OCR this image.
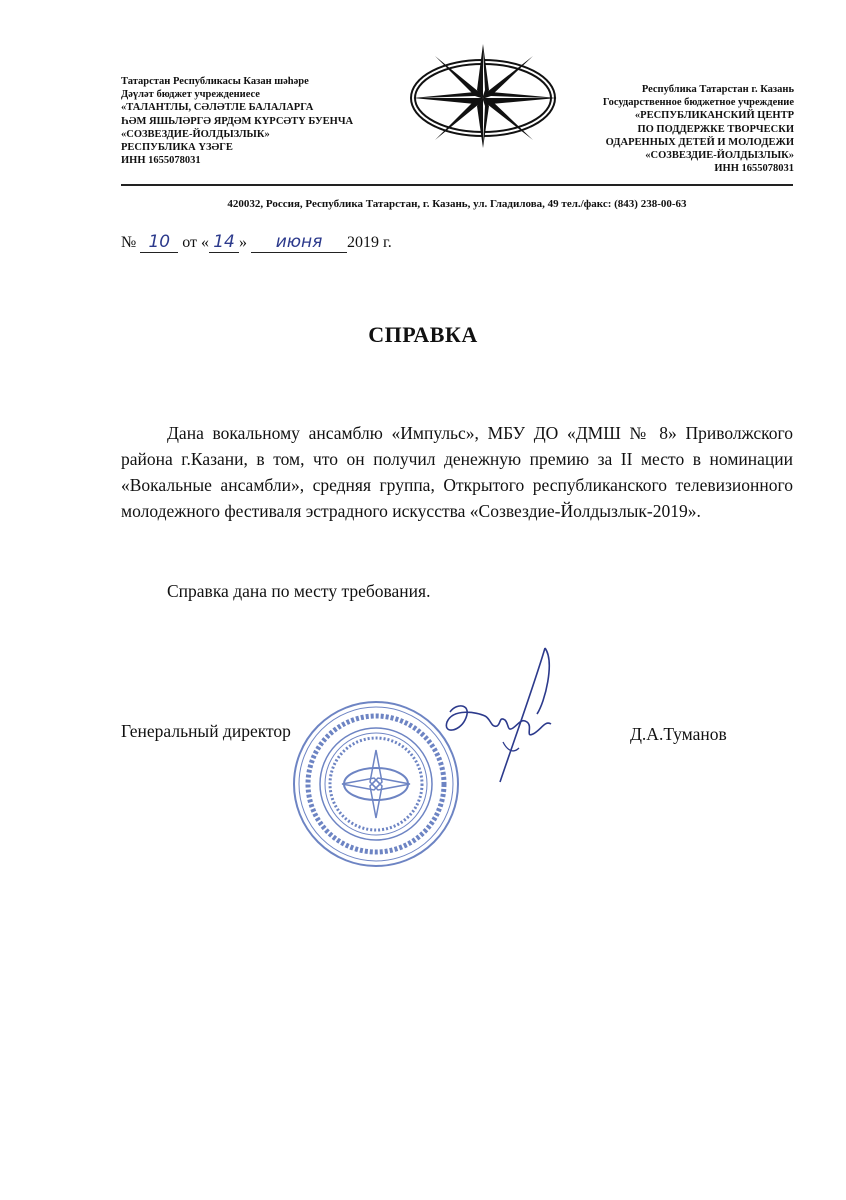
Татарстан Республикасы Казан шәһәре
Дәүләт бюджет учреждениесе
«ТАЛАНТЛЫ, СӘЛӘТЛЕ БАЛАЛАРГА
ҺӘМ ЯШЬЛӘРГӘ ЯРДӘМ КҮРСӘТҮ БУЕНЧА
«СОЗВЕЗДИЕ-ЙОЛДЫЗЛЫК»
РЕСПУБЛИКА ҮЗӘГЕ
ИНН 1655078031
Республика Татарстан г. Казань
Государственное бюджетное учреждение
«РЕСПУБЛИКАНСКИЙ ЦЕНТР
ПО ПОДДЕРЖКЕ ТВОРЧЕСКИ
ОДАРЕННЫХ ДЕТЕЙ И МОЛОДЕЖИ
«СОЗВЕЗДИЕ-ЙОЛДЫЗЛЫК»
ИНН 1655078031
420032, Россия, Республика Татарстан, г. Казань, ул. Гладилова, 49 тел./факс: (843) 238-00-63
№ 10 от « 14 » июня 2019 г.
СПРАВКА

Дана вокальному ансамблю «Импульс», МБУ ДО «ДМШ № 8» Приволжского района г.Казани, в том, что он получил денежную премию за II место в номинации «Вокальные ансамбли», средняя группа, Открытого республиканского телевизионного молодежного фестиваля эстрадного искусства «Созвездие-Йолдызлык-2019».

Справка дана по месту требования.

Генеральный директор	Д.А.Туманов
